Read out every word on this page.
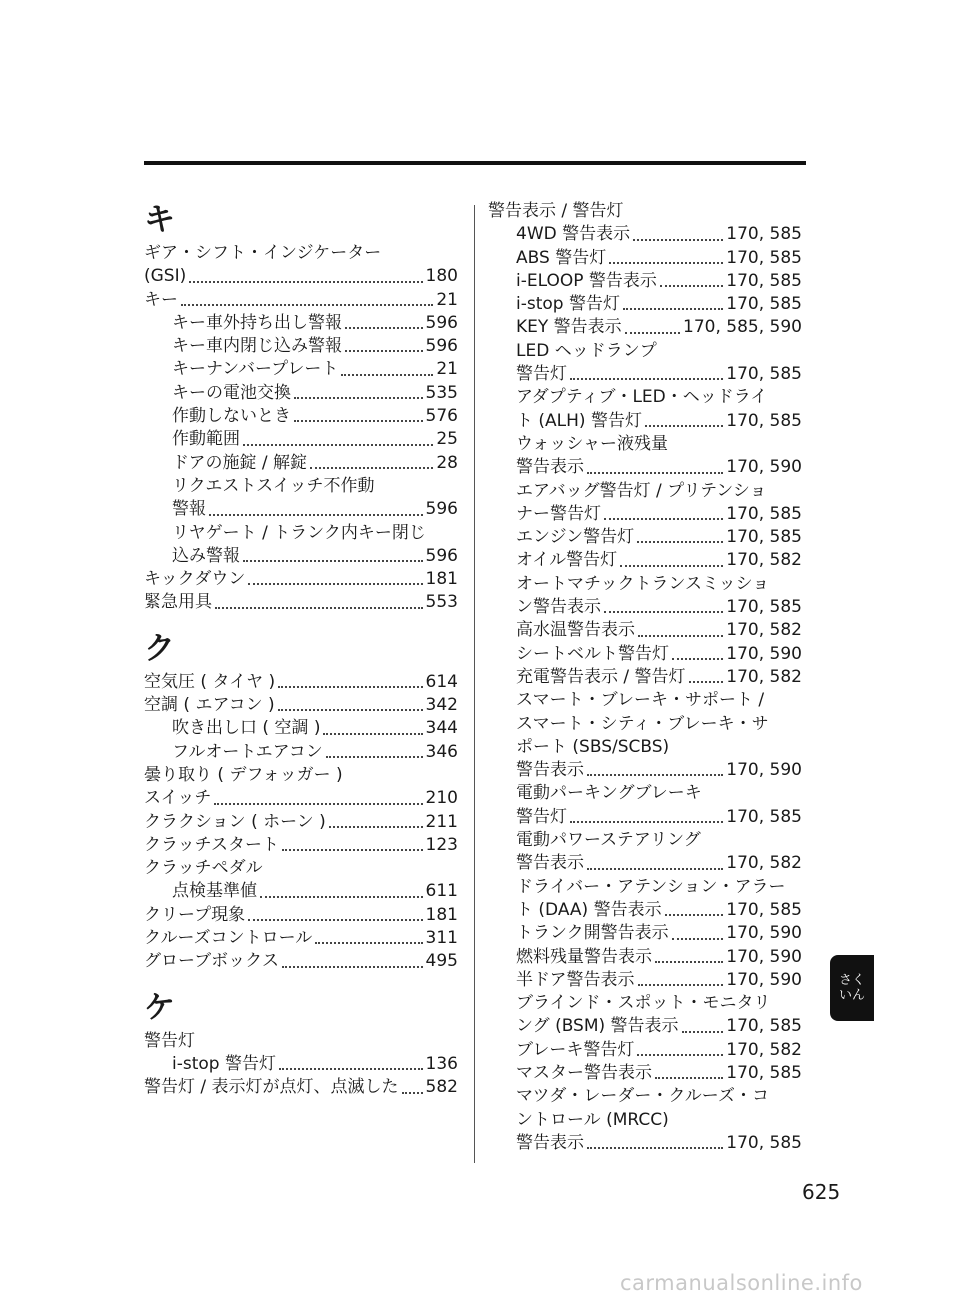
キ
ギア・シフト・インジケーター
(GSI)	180
キー	21
キー車外持ち出し警報	596
キー車内閉じ込み警報	596
キーナンバープレート	21
キーの電池交換	535
作動しないとき	576
作動範囲	25
ドアの施錠 / 解錠	28
リクエストスイッチ不作動
警報	596
リヤゲート / トランク内キー閉じ
込み警報	596
キックダウン	181
緊急用具	553
ク
空気圧 ( タイヤ )	614
空調 ( エアコン )	342
吹き出し口 ( 空調 )	344
フルオートエアコン	346
曇り取り ( デフォッガー )
スイッチ	210
クラクション ( ホーン )	211
クラッチスタート	123
クラッチペダル
点検基準値	611
クリープ現象	181
クルーズコントロール	311
グローブボックス	495
ケ
警告灯
i-stop 警告灯	136
警告灯 / 表示灯が点灯、点滅した 582
警告表示 / 警告灯
4WD 警告表示	170, 585
ABS 警告灯	170, 585
i-ELOOP 警告表示	170, 585
i-stop 警告灯	170, 585
KEY 警告表示	170, 585, 590
LED ヘッドランプ
警告灯	170, 585
アダプティブ・LED・ヘッドライ
ト (ALH) 警告灯	170, 585
ウォッシャー液残量
警告表示	170, 590
エアバッグ警告灯 / プリテンショ
ナー警告灯	170, 585
エンジン警告灯	170, 585
オイル警告灯	170, 582
オートマチックトランスミッショ
ン警告表示	170, 585
高水温警告表示	170, 582
シートベルト警告灯	170, 590
充電警告表示 / 警告灯 170, 582
スマート・ブレーキ・サポート /
スマート・シティ・ブレーキ・サ
ポート (SBS/SCBS)
警告表示	170, 590
電動パーキングブレーキ
警告灯	170, 585
電動パワーステアリング
警告表示	170, 582
ドライバー・アテンション・アラー
ト (DAA) 警告表示	170, 585
トランク開警告表示	170, 590
燃料残量警告表示	170, 590
半ドア警告表示	170, 590
ブラインド・スポット・モニタリ
ング (BSM) 警告表示	170, 585
ブレーキ警告灯	170, 582
マスター警告表示	170, 585
マツダ・レーダー・クルーズ・コ
ントロール (MRCC)
警告表示	170, 585
625
さく
いん
carmanualsonline.info
